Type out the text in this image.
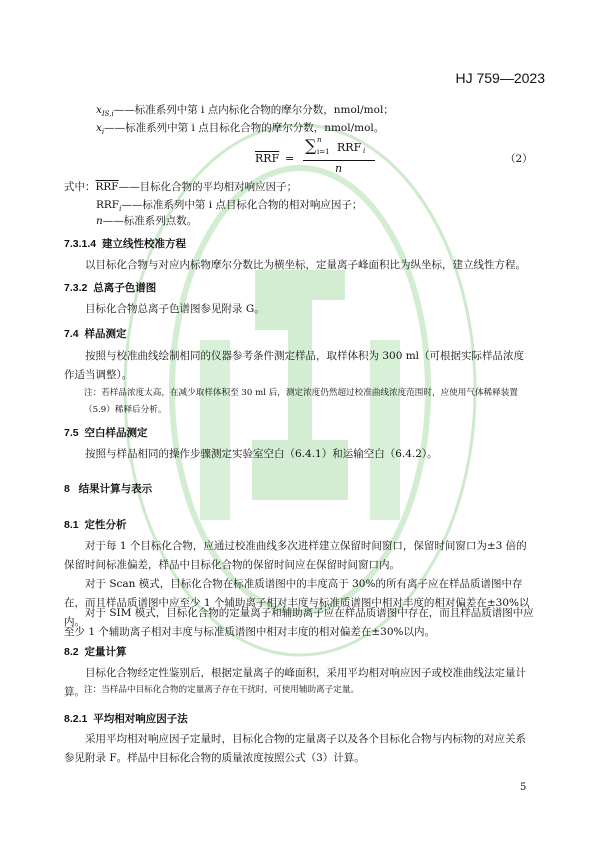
HJ 759—2023
$x_{IS,i}——$标准系列中第 i 点内标化合物的摩尔分数，nmol/mol；
$x_i——$标准系列中第 i 点目标化合物的摩尔分数，nmol/mol。
$\overline{RRF}$ =
∑ n
i=1 RRF i
n
（2）
式中：$\overline{RRF}——$目标化合物的平均相对响应因子；
$RRF_i——$标准系列中第 i 点目标化合物的相对响应因子；
n——标准系列点数。
7.3.1.4 建立线性校准方程
以目标化合物与对应内标物摩尔分数比为横坐标，定量离子峰面积比为纵坐标，建立线性方程。
7.3.2 总离子色谱图
目标化合物总离子色谱图参见附录 G。
7.4 样品测定
按照与校准曲线绘制相同的仪器参考条件测定样品，取样体积为 300 ml（可根据实际样品浓度作适当调整）。
注：若样品浓度太高，在减少取样体积至 30 ml 后，测定浓度仍然超过校准曲线浓度范围时，应使用气体稀释装置（5.9）稀释后分析。
7.5 空白样品测定
按照与样品相同的操作步骤测定实验室空白（6.4.1）和运输空白（6.4.2）。
8 结果计算与表示
8.1 定性分析
对于每 1 个目标化合物，应通过校准曲线多次进样建立保留时间窗口，保留时间窗口为±3 倍的保留时间标准偏差，样品中目标化合物的保留时间应在保留时间窗口内。
对于 Scan 模式，目标化合物在标准质谱图中的丰度高于 30%的所有离子应在样品质谱图中存在，而且样品质谱图中应至少 1 个辅助离子相对丰度与标准质谱图中相对丰度的相对偏差在±30%以内。
对于 SIM 模式，目标化合物的定量离子和辅助离子应在样品质谱图中存在，而且样品质谱图中应至少 1 个辅助离子相对丰度与标准质谱图中相对丰度的相对偏差在±30%以内。
8.2 定量计算
目标化合物经定性鉴别后，根据定量离子的峰面积，采用平均相对响应因子或校准曲线法定量计算。 注：当样品中目标化合物的定量离子存在干扰时，可使用辅助离子定量。
8.2.1 平均相对响应因子法
采用平均相对响应因子定量时，目标化合物的定量离子以及各个目标化合物与内标物的对应关系参见附录 F。样品中目标化合物的质量浓度按照公式（3）计算。
5
